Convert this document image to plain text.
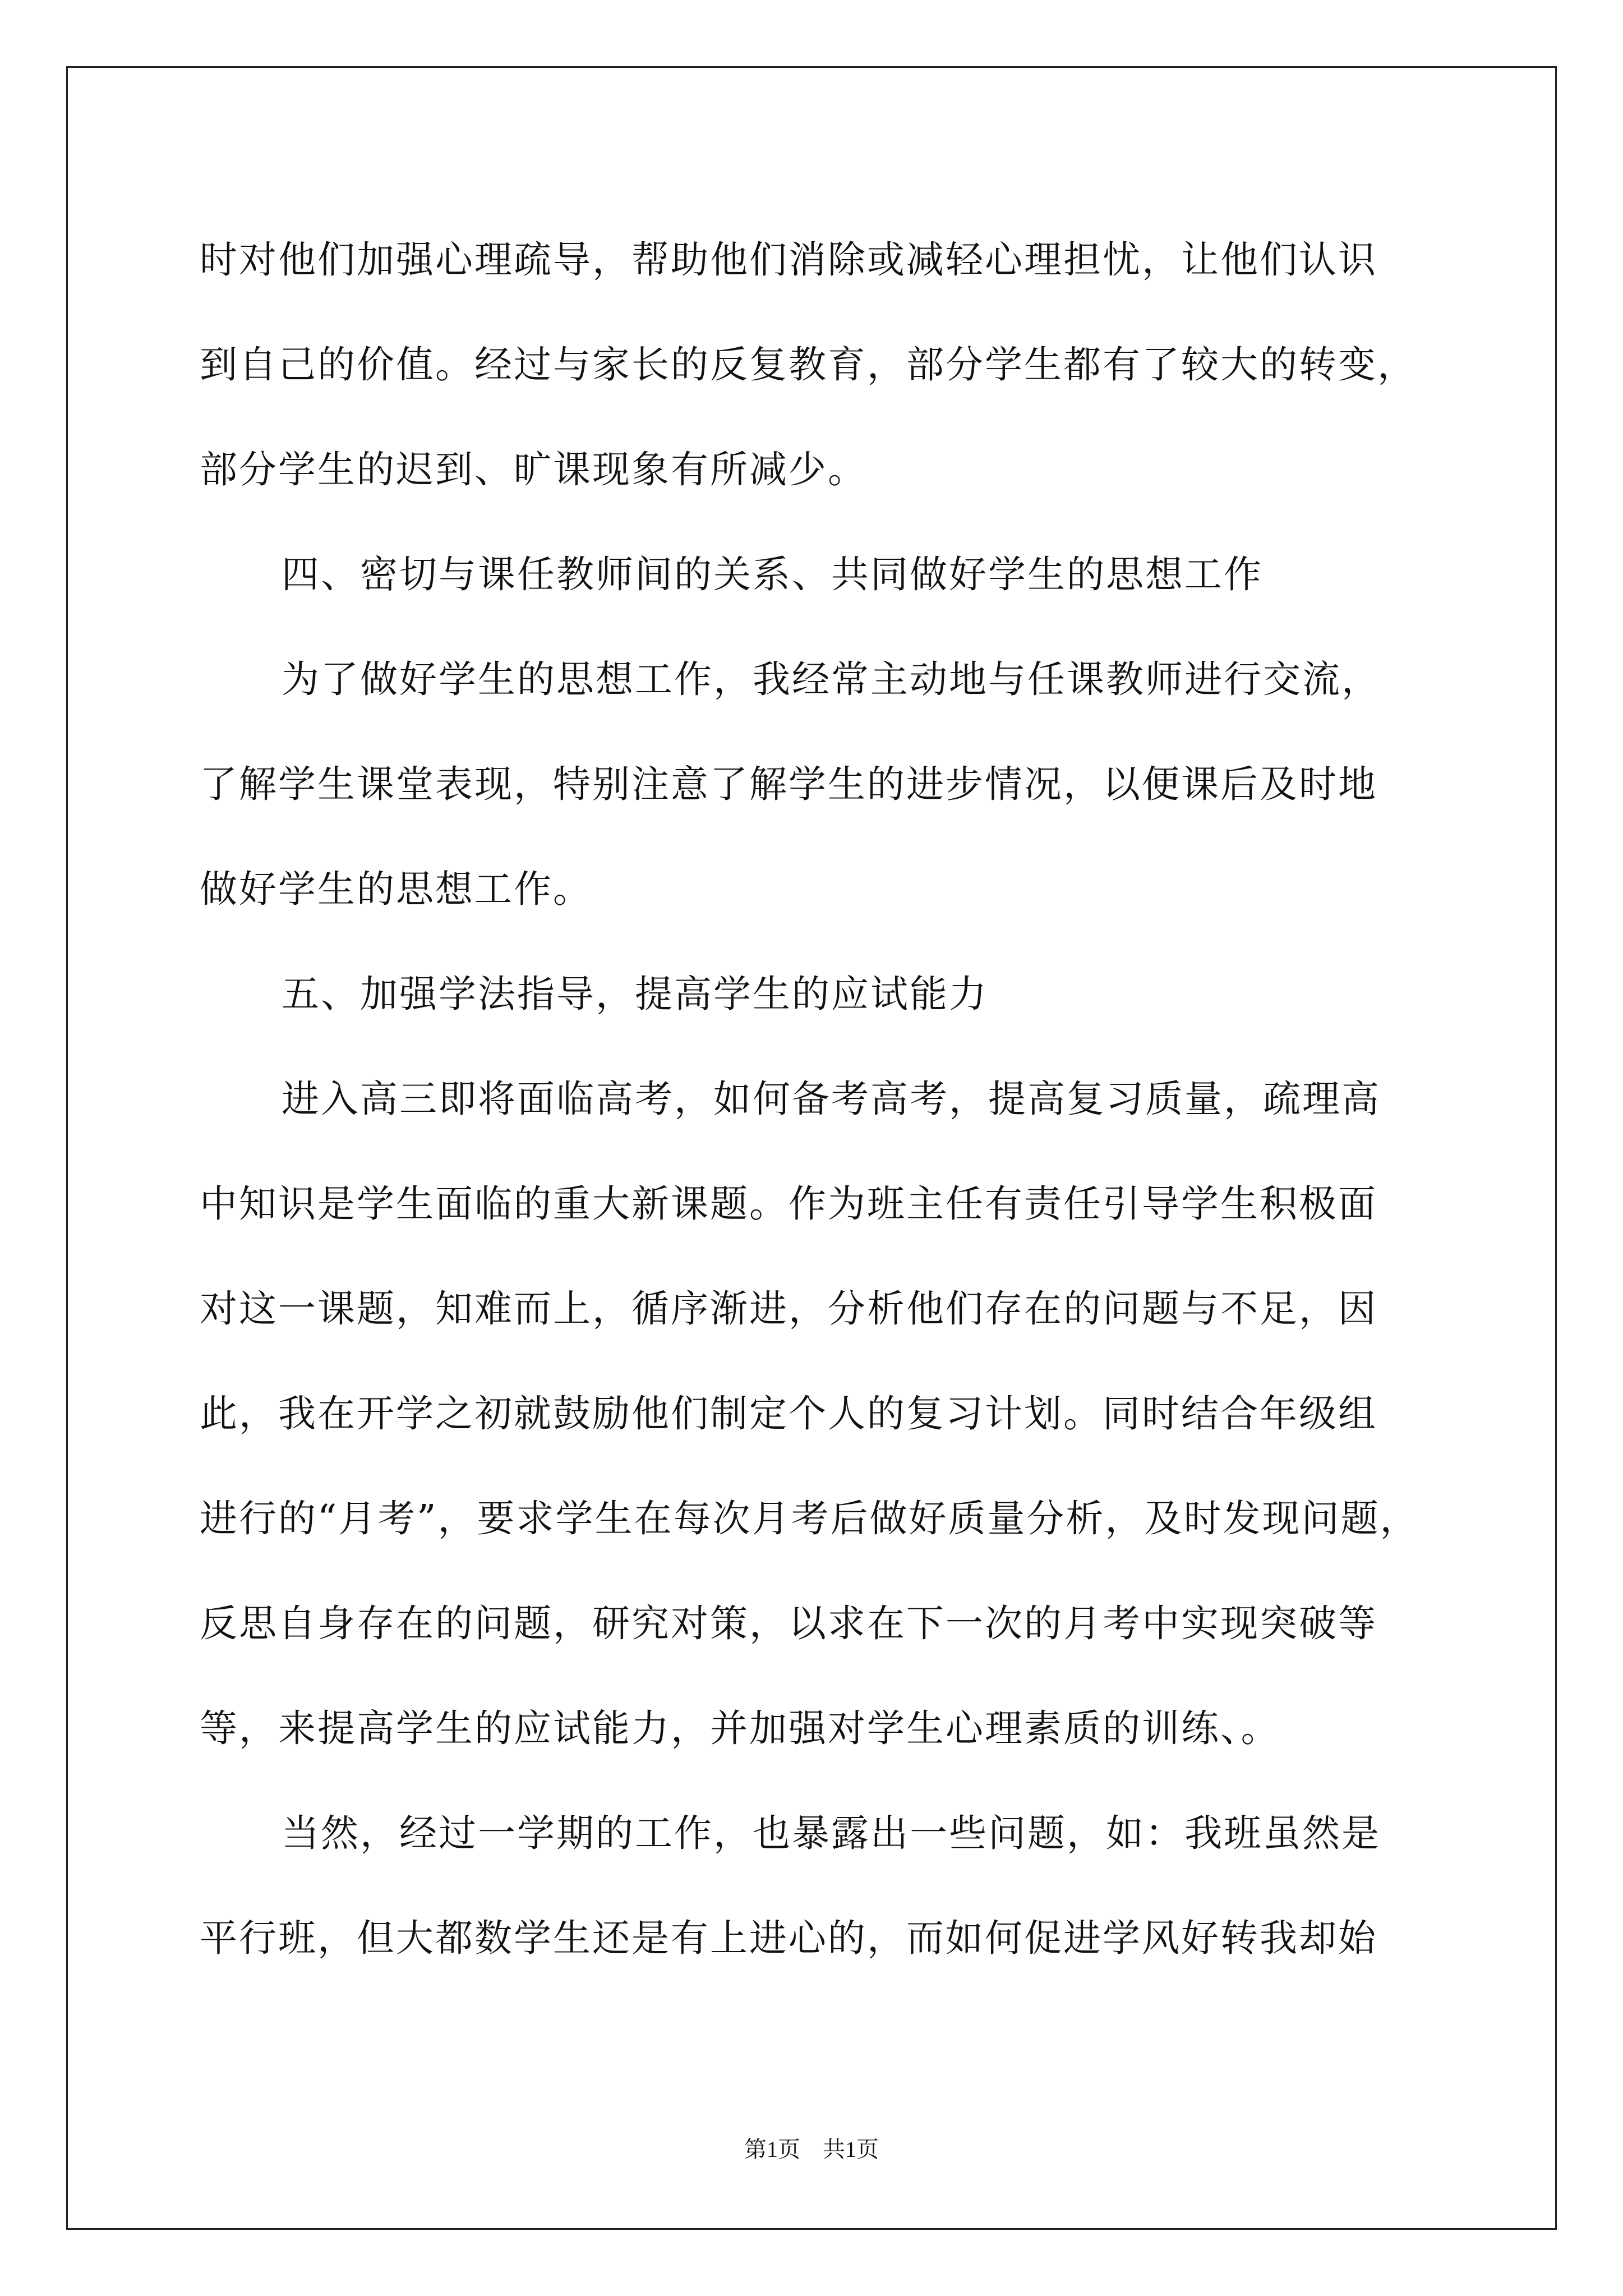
时对他们加强心理疏导，帮助他们消除或减轻心理担忧，让他们认识
到自己的价值。经过与家长的反复教育，部分学生都有了较大的转变，
部分学生的迟到、旷课现象有所减少。
四、密切与课任教师间的关系、共同做好学生的思想工作
为了做好学生的思想工作，我经常主动地与任课教师进行交流，
了解学生课堂表现，特别注意了解学生的进步情况，以便课后及时地
做好学生的思想工作。
五、加强学法指导，提高学生的应试能力
进入高三即将面临高考，如何备考高考，提高复习质量，疏理高
中知识是学生面临的重大新课题。作为班主任有责任引导学生积极面
对这一课题，知难而上，循序渐进，分析他们存在的问题与不足，因
此，我在开学之初就鼓励他们制定个人的复习计划。同时结合年级组
进行的“月考”，要求学生在每次月考后做好质量分析，及时发现问题，
反思自身存在的问题，研究对策，以求在下一次的月考中实现突破等
等，来提高学生的应试能力，并加强对学生心理素质的训练、。
当然，经过一学期的工作，也暴露出一些问题，如：我班虽然是
平行班，但大都数学生还是有上进心的，而如何促进学风好转我却始
第1页 共1页
